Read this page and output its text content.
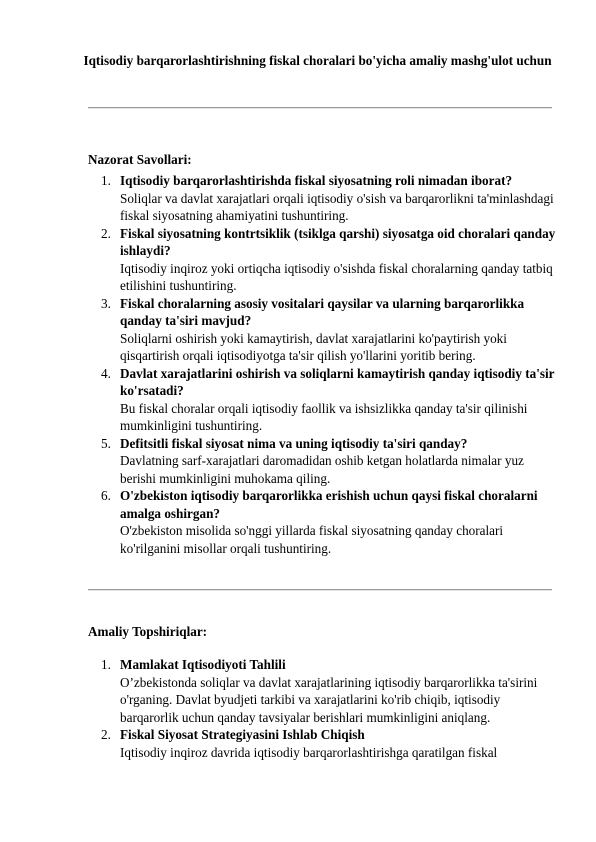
Iqtisodiy barqarorlashtirishning fiskal choralari bo'yicha amaliy mashg'ulot uchun
Nazorat Savollari:
1. Iqtisodiy barqarorlashtirishda fiskal siyosatning roli nimadan iborat?
Soliqlar va davlat xarajatlari orqali iqtisodiy o'sish va barqarorlikni ta'minlashdagi fiskal siyosatning ahamiyatini tushuntiring.
2. Fiskal siyosatning kontrtsiklik (tsiklga qarshi) siyosatga oid choralari qanday ishlaydi?
Iqtisodiy inqiroz yoki ortiqcha iqtisodiy o'sishda fiskal choralarning qanday tatbiq etilishini tushuntiring.
3. Fiskal choralarning asosiy vositalari qaysilar va ularning barqarorlikka qanday ta'siri mavjud?
Soliqlarni oshirish yoki kamaytirish, davlat xarajatlarini ko'paytirish yoki qisqartirish orqali iqtisodiyotga ta'sir qilish yo'llarini yoritib bering.
4. Davlat xarajatlarini oshirish va soliqlarni kamaytirish qanday iqtisodiy ta'sir ko'rsatadi?
Bu fiskal choralar orqali iqtisodiy faollik va ishsizlikka qanday ta'sir qilinishi mumkinligini tushuntiring.
5. Defitsitli fiskal siyosat nima va uning iqtisodiy ta'siri qanday?
Davlatning sarf-xarajatlari daromadidan oshib ketgan holatlarda nimalar yuz berishi mumkinligini muhokama qiling.
6. O'zbekiston iqtisodiy barqarorlikka erishish uchun qaysi fiskal choralarni amalga oshirgan?
O'zbekiston misolida so'nggi yillarda fiskal siyosatning qanday choralari ko'rilganini misollar orqali tushuntiring.
Amaliy Topshiriqlar:
1. Mamlakat Iqtisodiyoti Tahlili
O’zbekistonda soliqlar va davlat xarajatlarining iqtisodiy barqarorlikka ta'sirini o'rganing. Davlat byudjeti tarkibi va xarajatlarini ko'rib chiqib, iqtisodiy barqarorlik uchun qanday tavsiyalar berishlari mumkinligini aniqlang.
2. Fiskal Siyosat Strategiyasini Ishlab Chiqish
Iqtisodiy inqiroz davrida iqtisodiy barqarorlashtirishga qaratilgan fiskal
